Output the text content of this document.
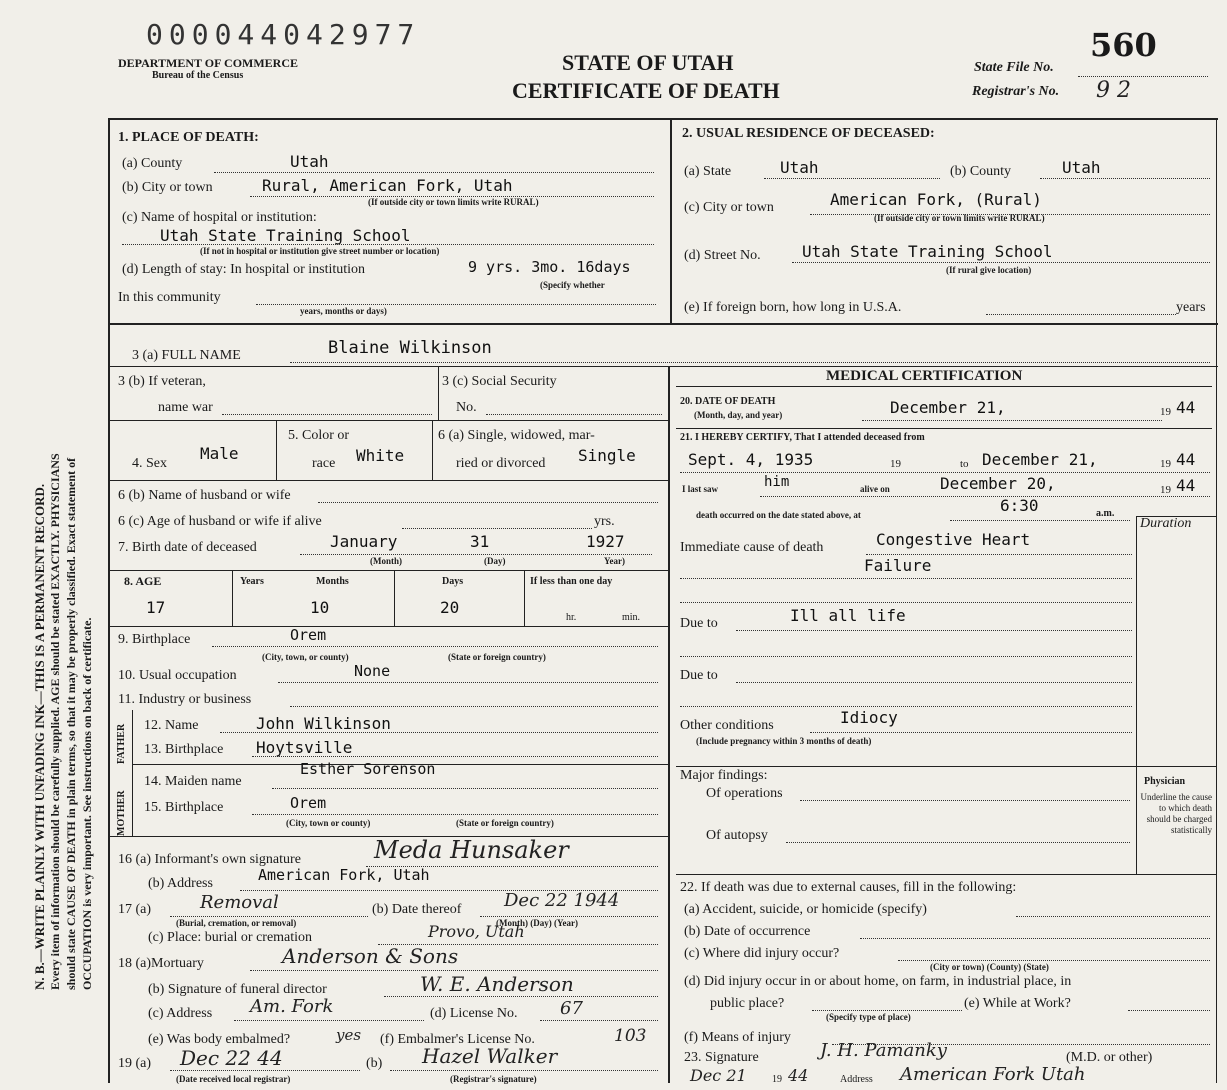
N. B.—WRITE PLAINLY WITH UNFADING INK—THIS IS A PERMANENT RECORD. Every item of information should be carefully supplied. AGE should be stated EXACTLY. PHYSICIANS should state CAUSE OF DEATH in plain terms, so that it may be properly classified. Exact statement of OCCUPATION is very important. See instructions on back of certificate.
000044042977
DEPARTMENT OF COMMERCE
Bureau of the Census
STATE OF UTAH
CERTIFICATE OF DEATH
560
State File No.
Registrar's No. 9 2
1. PLACE OF DEATH:
(a) County	Utah
(b) City or town	Rural, American Fork, Utah
(If outside city or town limits write RURAL)
(c) Name of hospital or institution:
Utah State Training School
(If not in hospital or institution give street number or location)
(d) Length of stay: In hospital or institution	9 yrs. 3mo. 16days
(Specify whether
In this community
years, months or days)
2. USUAL RESIDENCE OF DECEASED:
(a) State	Utah	(b) County	Utah
(c) City or town	American Fork, (Rural)
(If outside city or town limits write RURAL)
(d) Street No.	Utah State Training School
(If rural give location)
(e) If foreign born, how long in U.S.A.	years
3 (a) FULL NAME	Blaine Wilkinson
3 (b) If veteran,
name war
3 (c) Social Security
No.
4. Sex
Male
5. Color or
race White
6 (a) Single, widowed, mar-
ried or divorced Single
6 (b) Name of husband or wife
6 (c) Age of husband or wife if alive	yrs.
7. Birth date of deceased	January	31	1927
(Month)	(Day)	Year)
8. AGE	Years	Months	Days	If less than one day
17	10	20
hr.	min.
9. Birthplace	Orem
(City, town, or county)	(State or foreign country)
10. Usual occupation	None
11. Industry or business
FATHER
MOTHER
12. Name	John Wilkinson
13. Birthplace Hoytsville
14. Maiden name
Esther Sorenson
15. Birthplace	Orem
(City, town or county)	(State or foreign country)
16 (a) Informant's own signature	Meda Hunsaker
(b) Address	American Fork, Utah
17 (a)	Removal
(Burial, cremation, or removal)
(b) Date thereof Dec 22 1944
(Month) (Day) (Year)
(c) Place: burial or cremation	Provo, Utah
18 (a)Mortuary	Anderson & Sons
(b) Signature of funeral director	W. E. Anderson
(c) Address Am. Fork	(d) License No. 67
(e) Was body embalmed?	yes (f) Embalmer's License No.	103
19 (a) Dec 22 44	(b) Hazel Walker
(Date received local registrar)	(Registrar's signature)
MEDICAL CERTIFICATION
20. DATE OF DEATH
(Month, day, and year)	December 21,	19 44
21. I HEREBY CERTIFY, That I attended deceased from
Sept. 4, 1935	19	to December 21,	19 44
I last saw	him	alive on	December 20,	19 44
death occurred on the date stated above, at	6:30	a.m.
Duration
Immediate cause of death	Congestive Heart
Failure
Due to	Ill all life
Due to
Other conditions	Idiocy
(Include pregnancy within 3 months of death)
Major findings:
Of operations
Of autopsy
Physician
Underline the cause to which death should be charged statistically
22. If death was due to external causes, fill in the following:
(a) Accident, suicide, or homicide (specify)
(b) Date of occurrence
(c) Where did injury occur?
(City or town) (County) (State)
(d) Did injury occur in or about home, on farm, in industrial place, in
public place?	(e) While at Work?
(Specify type of place)
(f) Means of injury
23. Signature	J. H. Pamanky	(M.D. or other)
Dec 21	19 44	Address American Fork Utah
